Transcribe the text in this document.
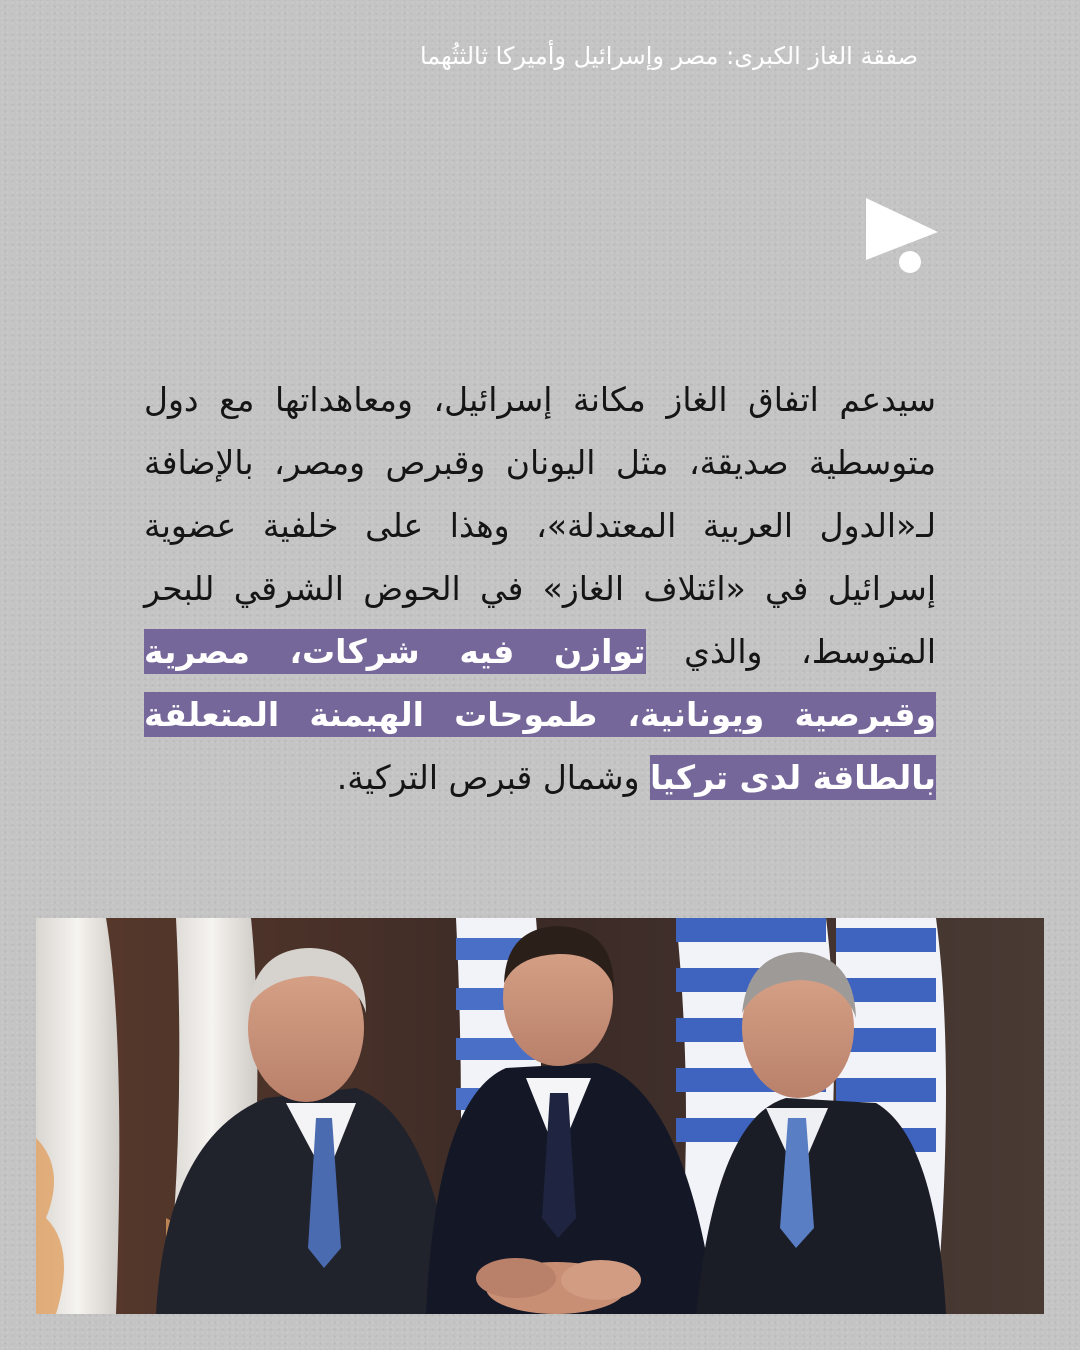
صفقة الغاز الكبرى: مصر وإسرائيل وأميركا ثالثثُهما
سيدعم اتفاق الغاز مكانة إسرائيل، ومعاهداتها مع دول متوسطية صديقة، مثل اليونان وقبرص ومصر، بالإضافة لـ«الدول العربية المعتدلة»، وهذا على خلفية عضوية إسرائيل في «ائتلاف الغاز» في الحوض الشرقي للبحر المتوسط، والذي توازن فيه شركات، مصرية وقبرصية ويونانية، طموحات الهيمنة المتعلقة بالطاقة لدى تركيا وشمال قبرص التركية.
